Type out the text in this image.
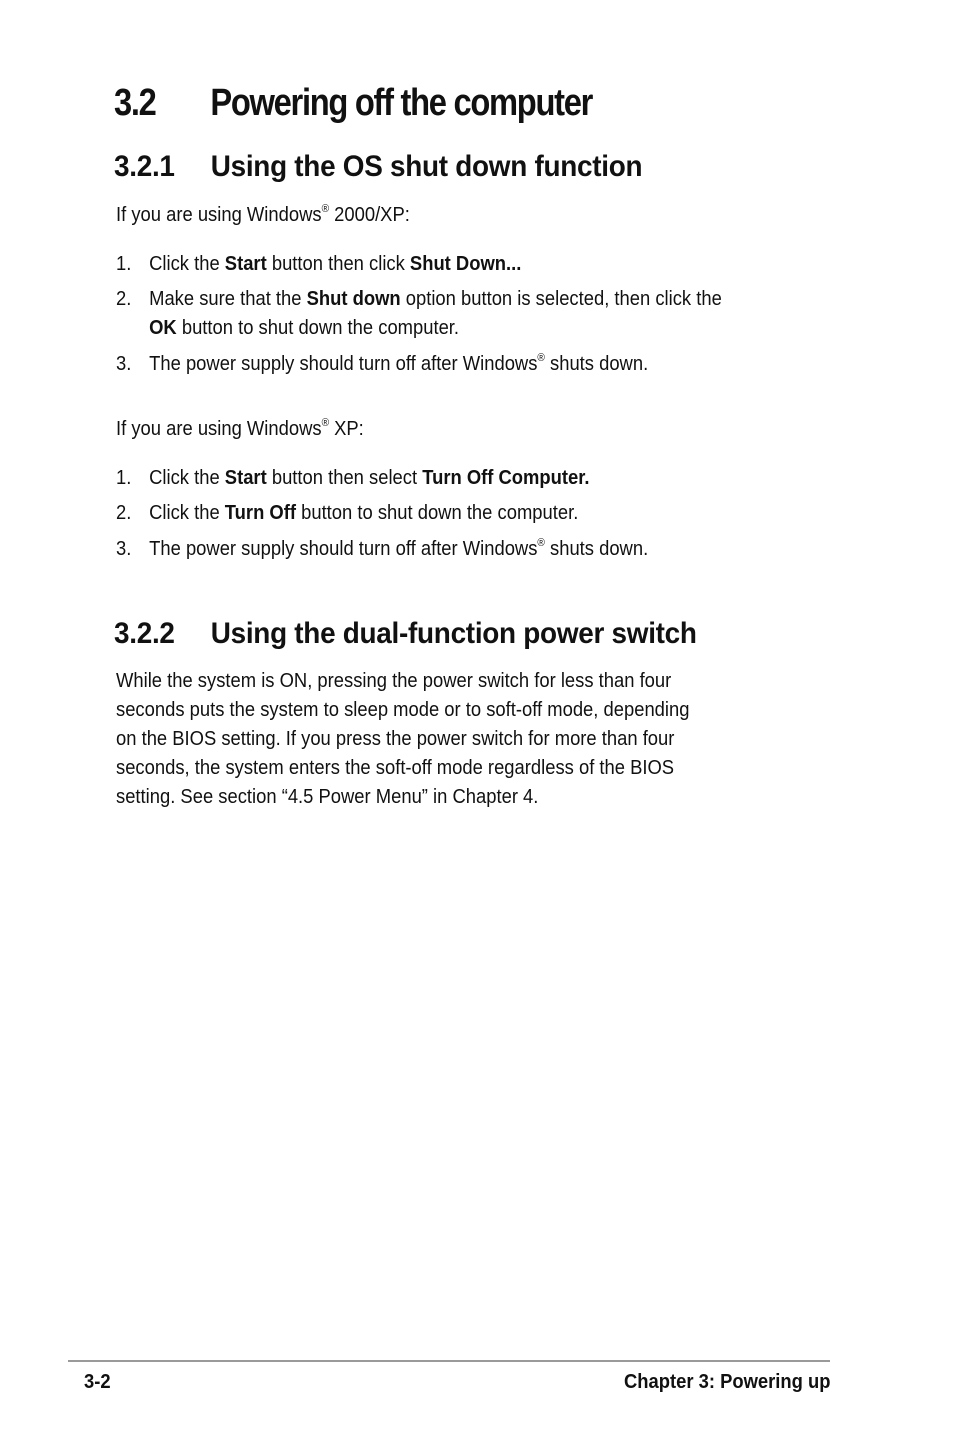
3.2 Powering off the computer
3.2.1 Using the OS shut down function
If you are using Windows® 2000/XP:
1. Click the Start button then click Shut Down...
2. Make sure that the Shut down option button is selected, then click the
OK button to shut down the computer.
3. The power supply should turn off after Windows® shuts down.
If you are using Windows® XP:
1. Click the Start button then select Turn Off Computer.
2. Click the Turn Off button to shut down the computer.
3. The power supply should turn off after Windows® shuts down.
3.2.2 Using the dual-function power switch
While the system is ON, pressing the power switch for less than four
seconds puts the system to sleep mode or to soft-off mode, depending
on the BIOS setting. If you press the power switch for more than four
seconds, the system enters the soft-off mode regardless of the BIOS
setting. See section “4.5 Power Menu” in Chapter 4.
3-2	Chapter 3: Powering up
